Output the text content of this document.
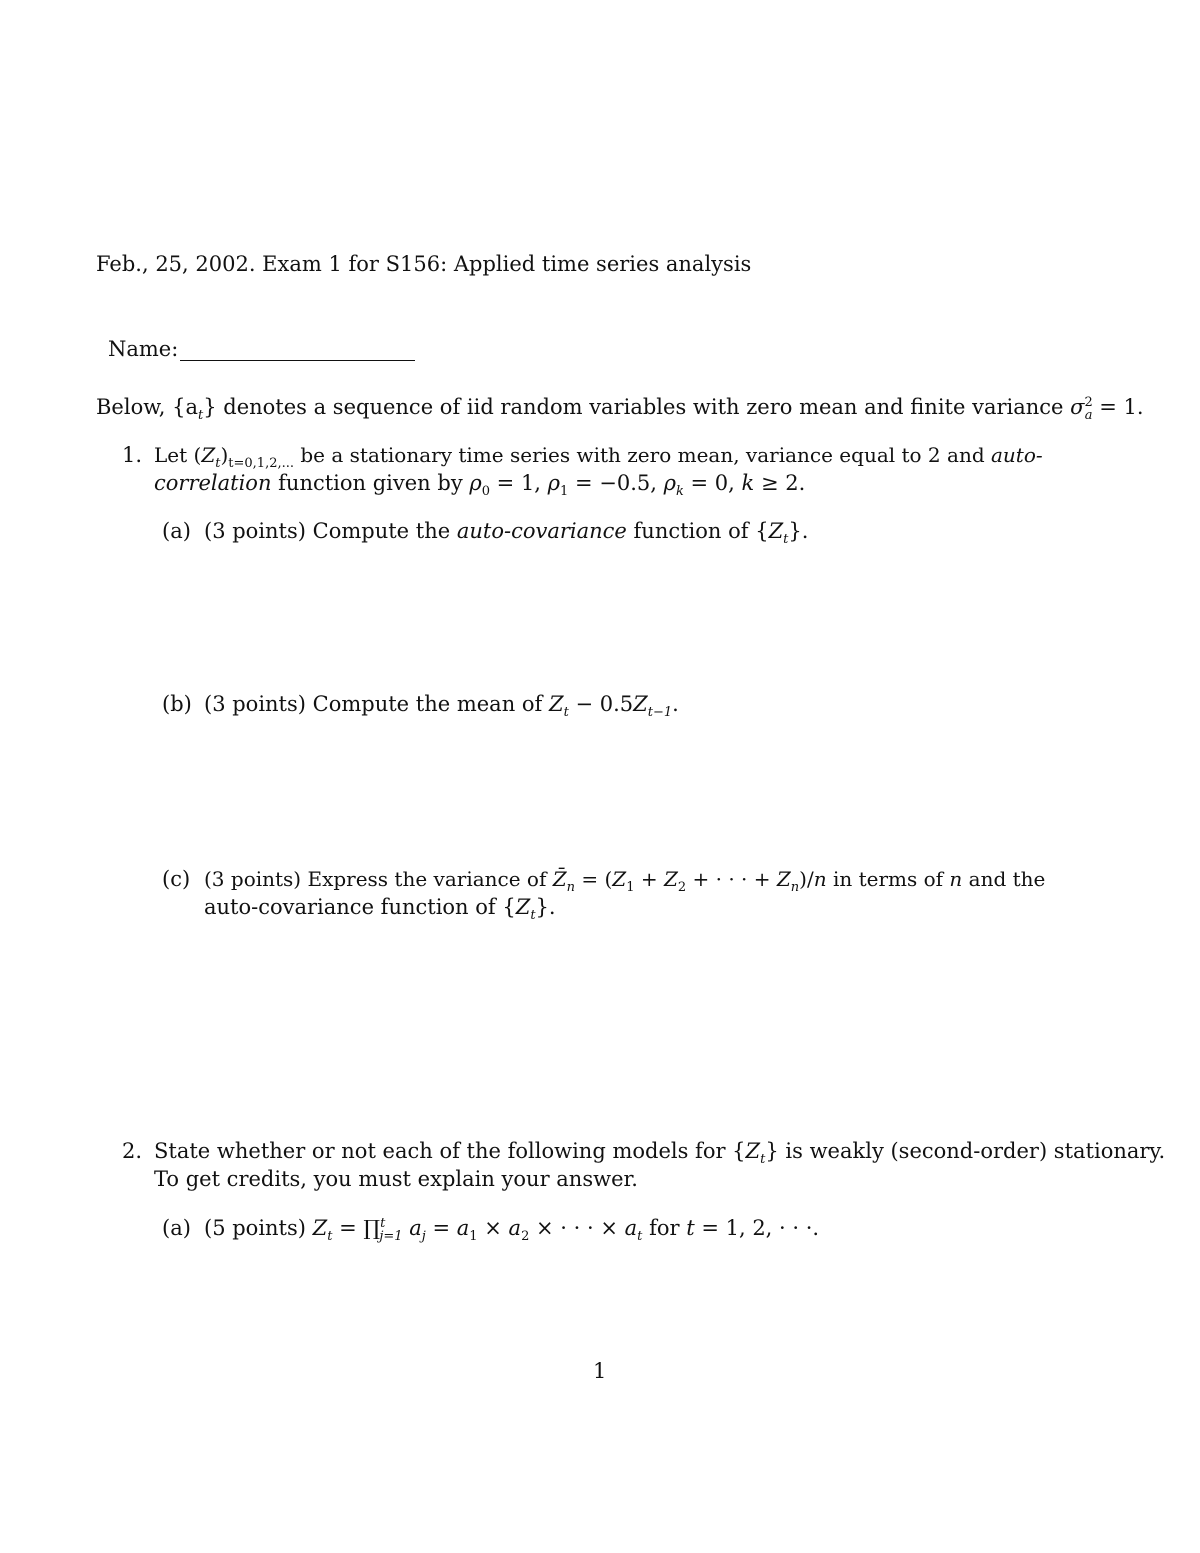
Feb., 25, 2002. Exam 1 for S156: Applied time series analysis
Name:
Below, $\{a_t\}$ denotes a sequence of iid random variables with zero mean and finite variance $\sigma^2_a = 1$.
1. Let $(Z_t)_{t=0,1,2,...}$ be a stationary time series with zero mean, variance equal to 2 and auto-
correlation function given by $\rho_0 = 1$, $\rho_1 = -0.5$, $\rho_k = 0$, k ≥ 2.
(a) (3 points) Compute the auto-covariance function of $\{Z_t\}$.
(b) (3 points) Compute the mean of $Z_t - 0.5Z_{t-1}$.
(c) (3 points) Express the variance of $Z̄_n = (Z_1 + Z_2$ + · · · + $Z_n)/n$ in terms of n and the
auto-covariance function of $\{Z_t\}$.
2. State whether or not each of the following models for $\{Z_t\}$ is weakly (second-order) stationary.
To get credits, you must explain your answer.
(a) (5 points) $Z_t$ = ∏$^t_{j=1}$ $a_j = a_1 \times a_2$ × · · · × $a_t$ for t = 1, 2, · · ·.
1
